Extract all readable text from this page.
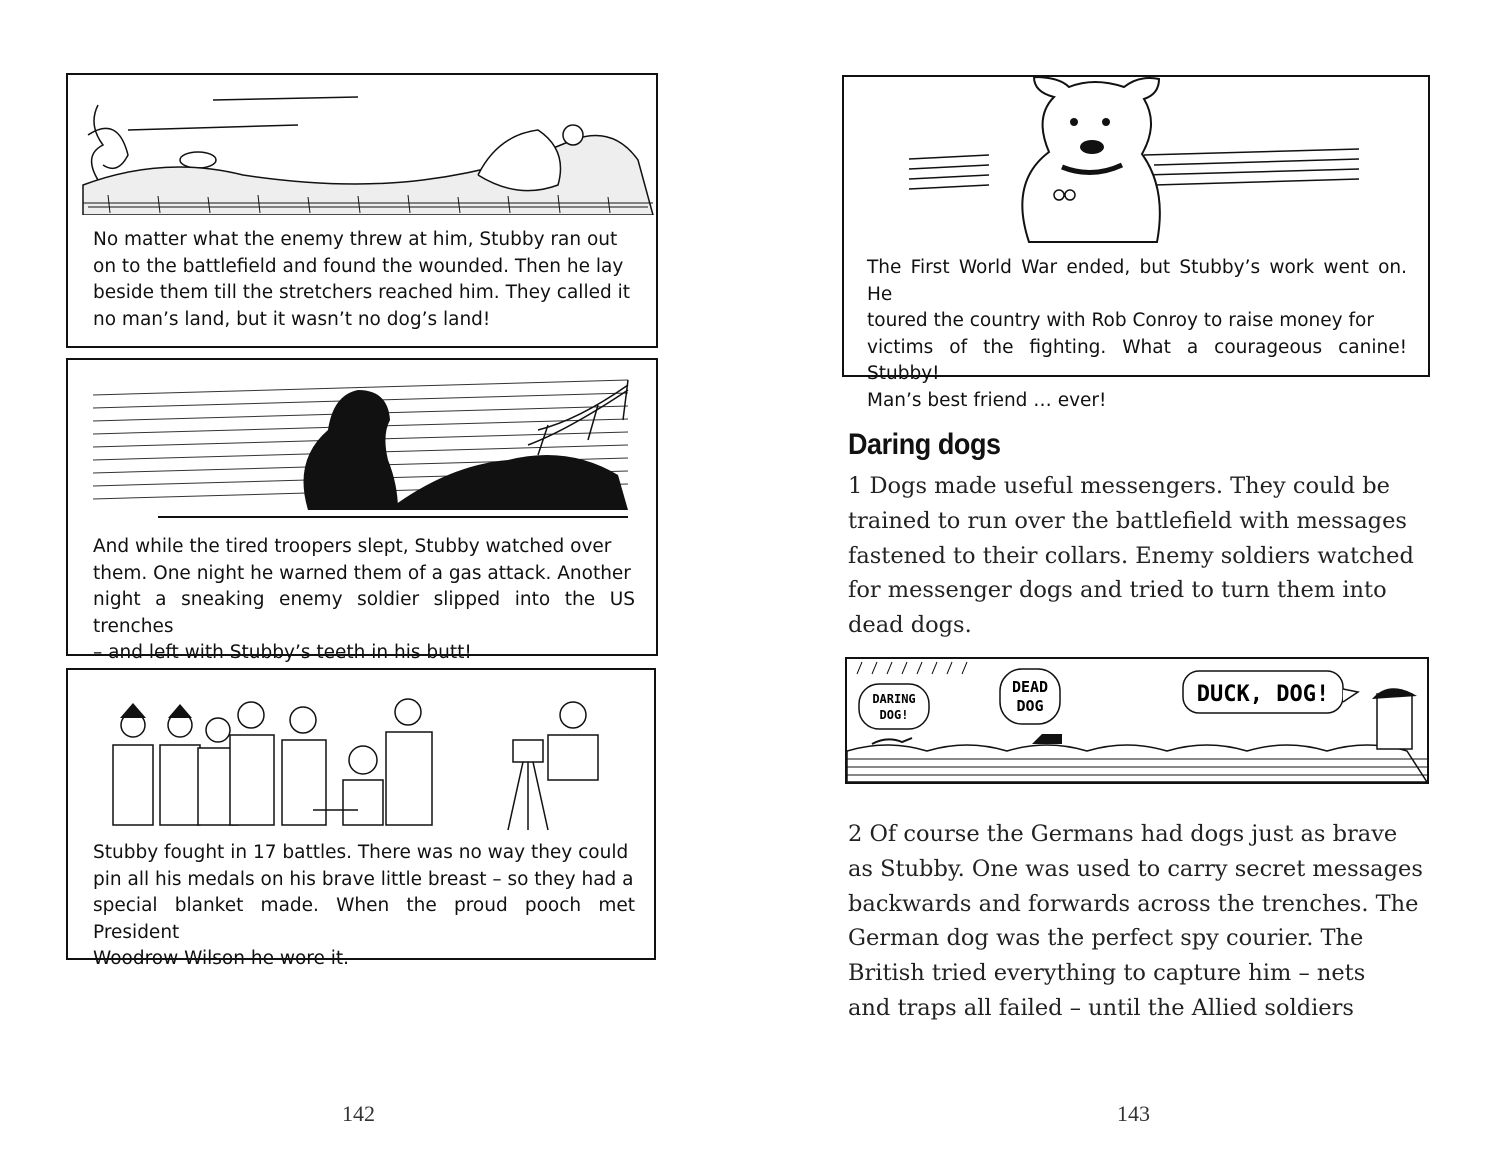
No matter what the enemy threw at him, Stubby ran out
on to the battlefield and found the wounded. Then he lay
beside them till the stretchers reached him. They called it
no man’s land, but it wasn’t no dog’s land!
And while the tired troopers slept, Stubby watched over
them. One night he warned them of a gas attack. Another
night a sneaking enemy soldier slipped into the US trenches
– and left with Stubby’s teeth in his butt!
Stubby fought in 17 battles. There was no way they could
pin all his medals on his brave little breast – so they had a
special blanket made. When the proud pooch met President
Woodrow Wilson he wore it.
142
The First World War ended, but Stubby’s work went on. He
toured the country with Rob Conroy to raise money for
victims of the fighting. What a courageous canine! Stubby!
Man’s best friend … ever!
Daring dogs
1 Dogs made useful messengers. They could be
trained to run over the battlefield with messages
fastened to their collars. Enemy soldiers watched
for messenger dogs and tried to turn them into
dead dogs.
DARING
DOG!
DEAD
DOG	DUCK, DOG!
2 Of course the Germans had dogs just as brave
as Stubby. One was used to carry secret messages
backwards and forwards across the trenches. The
German dog was the perfect spy courier. The
British tried everything to capture him – nets
and traps all failed – until the Allied soldiers
143
